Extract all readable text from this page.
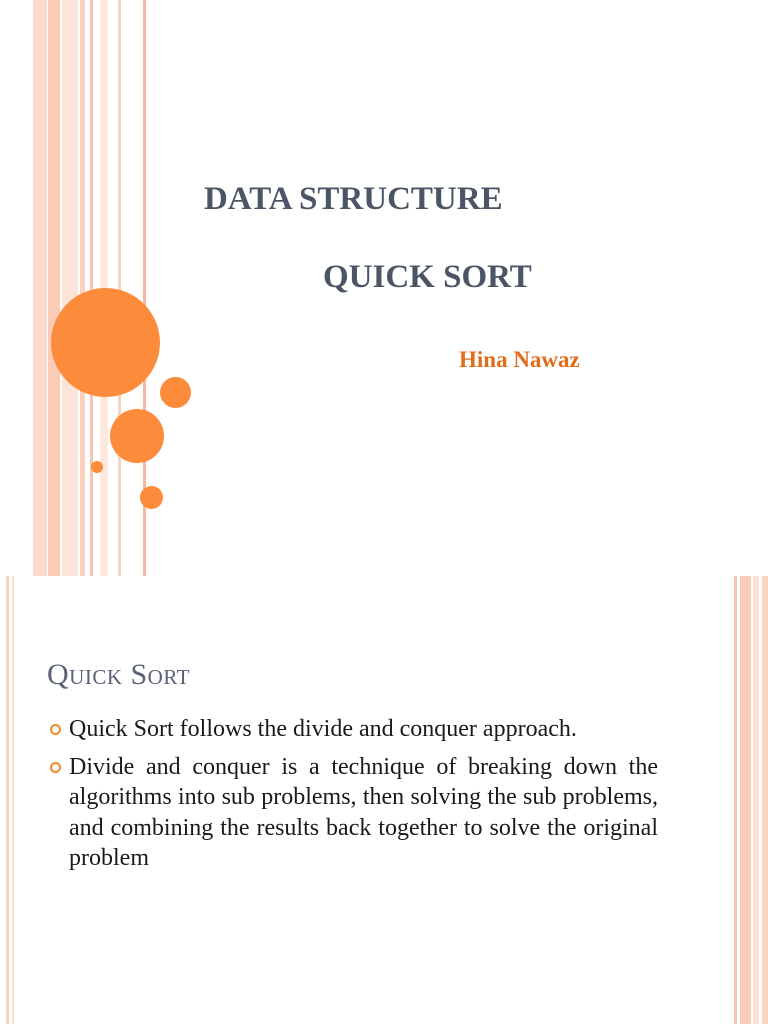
DATA STRUCTURE
QUICK SORT

Hina Nawaz

Quick Sort
Quick Sort follows the divide and conquer approach.
Divide and conquer is a technique of breaking down the algorithms into sub problems, then solving the sub problems, and combining the results back together to solve the original problem
